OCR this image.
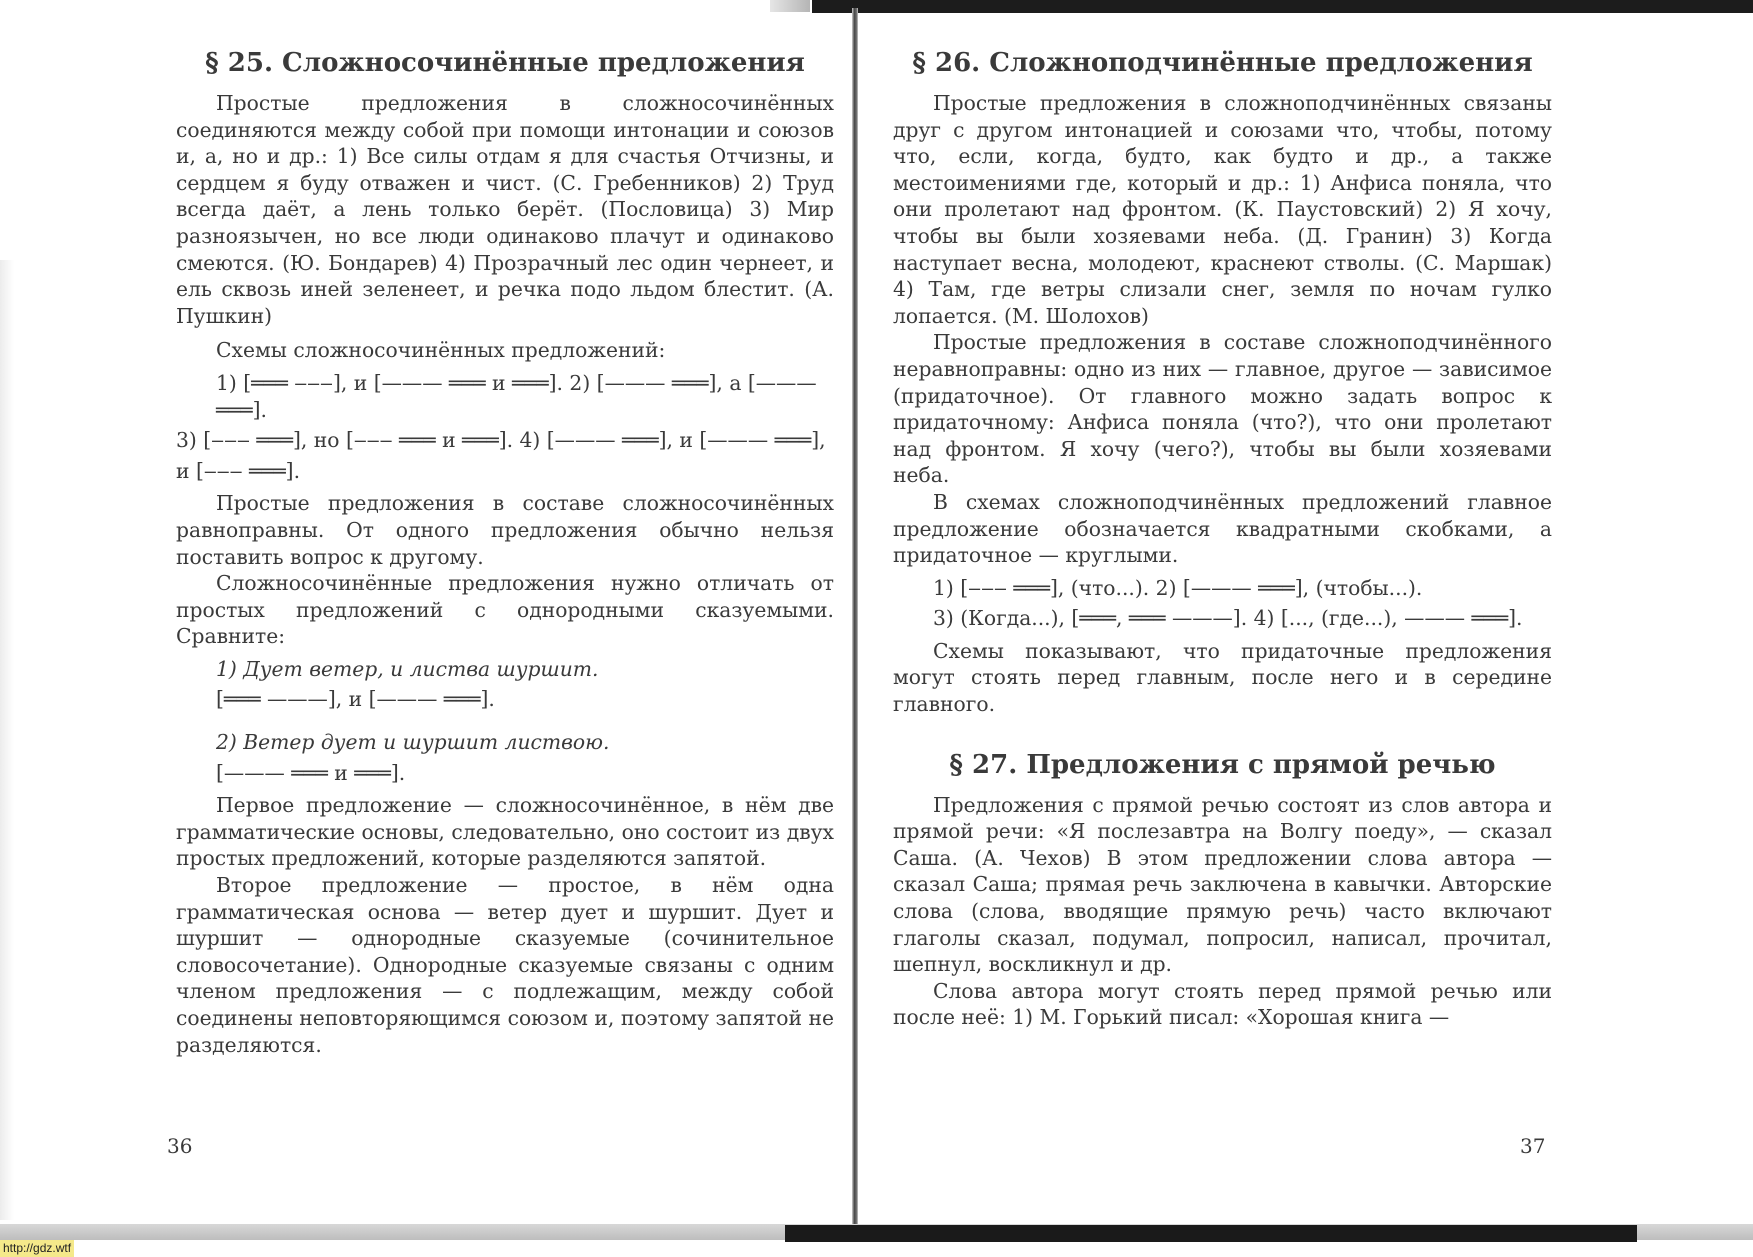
§ 25. Сложносочинённые предложения

Простые предложения в сложносочинённых соединяются между собой при помощи интонации и союзов и, а, но и др.: 1) Все силы отдам я для счастья Отчизны, и сердцем я буду отважен и чист. (С. Гребенников) 2) Труд всегда даёт, а лень только берёт. (Пословица) 3) Мир разноязычен, но все люди одинаково плачут и одинаково смеются. (Ю. Бондарев) 4) Прозрачный лес один чернеет, и ель сквозь иней зеленеет, и речка подо льдом блестит. (А. Пушкин)

Схемы сложносочинённых предложений:

1) [═══ ‒‒‒], и [——— ═══ и ═══]. 2) [——— ═══], а [——— ═══].
3) [‒‒‒ ═══], но [‒‒‒ ═══ и ═══]. 4) [——— ═══], и [——— ═══],
и [‒‒‒ ═══].

Простые предложения в составе сложносочинённых равноправны. От одного предложения обычно нельзя поставить вопрос к другому.

Сложносочинённые предложения нужно отличать от простых предложений с однородными сказуемыми. Сравните:

1) Дует ветер, и листва шуршит.
[═══ ———], и [——— ═══].
2) Ветер дует и шуршит листвою.
[——— ═══ и ═══].

Первое предложение — сложносочинённое, в нём две грамматические основы, следовательно, оно состоит из двух простых предложений, которые разделяются запятой.

Второе предложение — простое, в нём одна грамматическая основа — ветер дует и шуршит. Дует и шуршит — однородные сказуемые (сочинительное словосочетание). Однородные сказуемые связаны с одним членом предложения — с подлежащим, между собой соединены неповторяющимся союзом и, поэтому запятой не разделяются.

36
§ 26. Сложноподчинённые предложения

Простые предложения в сложноподчинённых связаны друг с другом интонацией и союзами что, чтобы, потому что, если, когда, будто, как будто и др., а также местоимениями где, который и др.: 1) Анфиса поняла, что они пролетают над фронтом. (К. Паустовский) 2) Я хочу, чтобы вы были хозяевами неба. (Д. Гранин) 3) Когда наступает весна, молодеют, краснеют стволы. (С. Маршак) 4) Там, где ветры слизали снег, земля по ночам гулко лопается. (М. Шолохов)

Простые предложения в составе сложноподчинённого неравноправны: одно из них — главное, другое — зависимое (придаточное). От главного можно задать вопрос к придаточному: Анфиса поняла (что?), что они пролетают над фронтом. Я хочу (чего?), чтобы вы были хозяевами неба.

В схемах сложноподчинённых предложений главное предложение обозначается квадратными скобками, а придаточное — круглыми.

1) [‒‒‒ ═══], (что...). 2) [——— ═══], (чтобы...).
3) (Когда...), [═══, ═══ ———]. 4) [..., (где...), ——— ═══].

Схемы показывают, что придаточные предложения могут стоять перед главным, после него и в середине главного.

§ 27. Предложения с прямой речью

Предложения с прямой речью состоят из слов автора и прямой речи: «Я послезавтра на Волгу поеду», — сказал Саша. (А. Чехов) В этом предложении слова автора — сказал Саша; прямая речь заключена в кавычки. Авторские слова (слова, вводящие прямую речь) часто включают глаголы сказал, подумал, попросил, написал, прочитал, шепнул, воскликнул и др.

Слова автора могут стоять перед прямой речью или после неё: 1) М. Горький писал: «Хорошая книга —

37
http://gdz.wtf
